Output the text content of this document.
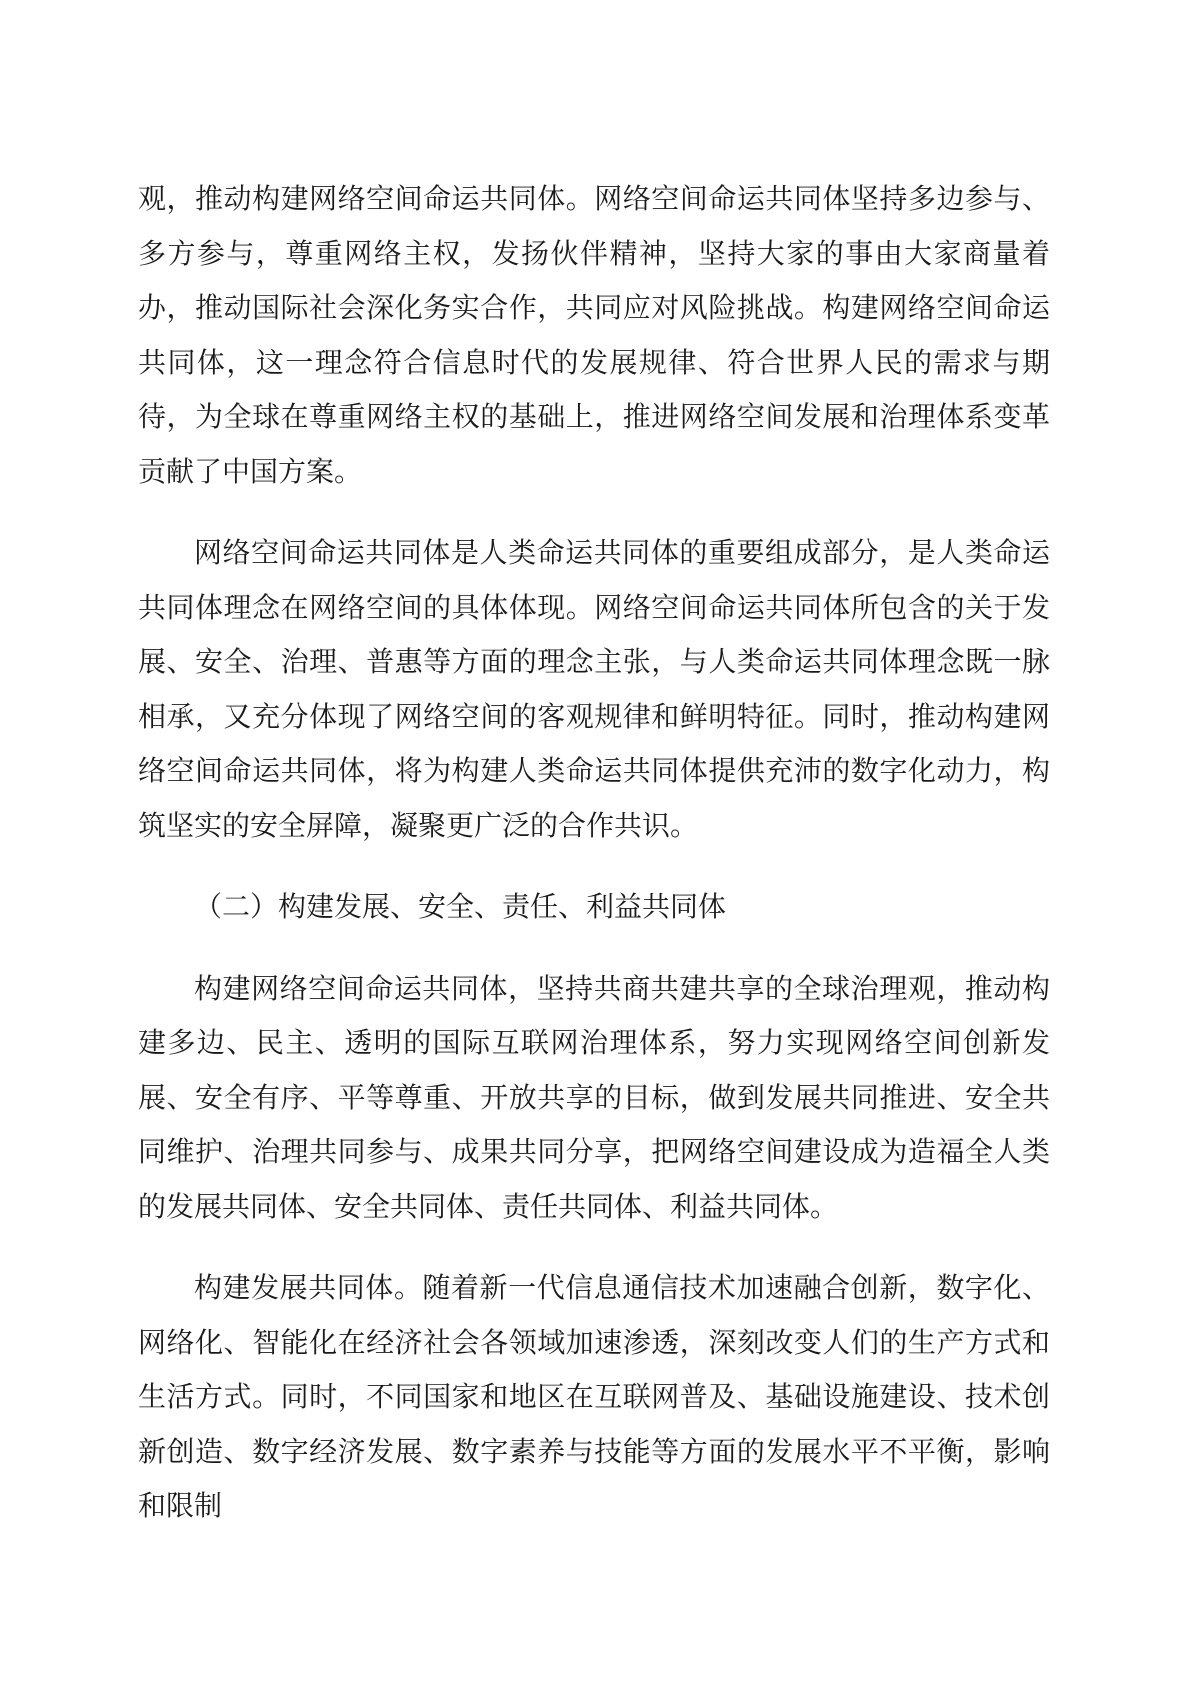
观，推动构建网络空间命运共同体。网络空间命运共同体坚持多边参与、多方参与，尊重网络主权，发扬伙伴精神，坚持大家的事由大家商量着办，推动国际社会深化务实合作，共同应对风险挑战。构建网络空间命运共同体，这一理念符合信息时代的发展规律、符合世界人民的需求与期待，为全球在尊重网络主权的基础上，推进网络空间发展和治理体系变革贡献了中国方案。

网络空间命运共同体是人类命运共同体的重要组成部分，是人类命运共同体理念在网络空间的具体体现。网络空间命运共同体所包含的关于发展、安全、治理、普惠等方面的理念主张，与人类命运共同体理念既一脉相承，又充分体现了网络空间的客观规律和鲜明特征。同时，推动构建网络空间命运共同体，将为构建人类命运共同体提供充沛的数字化动力，构筑坚实的安全屏障，凝聚更广泛的合作共识。

（二）构建发展、安全、责任、利益共同体

构建网络空间命运共同体，坚持共商共建共享的全球治理观，推动构建多边、民主、透明的国际互联网治理体系，努力实现网络空间创新发展、安全有序、平等尊重、开放共享的目标，做到发展共同推进、安全共同维护、治理共同参与、成果共同分享，把网络空间建设成为造福全人类的发展共同体、安全共同体、责任共同体、利益共同体。

构建发展共同体。随着新一代信息通信技术加速融合创新，数字化、网络化、智能化在经济社会各领域加速渗透，深刻改变人们的生产方式和生活方式。同时，不同国家和地区在互联网普及、基础设施建设、技术创新创造、数字经济发展、数字素养与技能等方面的发展水平不平衡，影响和限制
